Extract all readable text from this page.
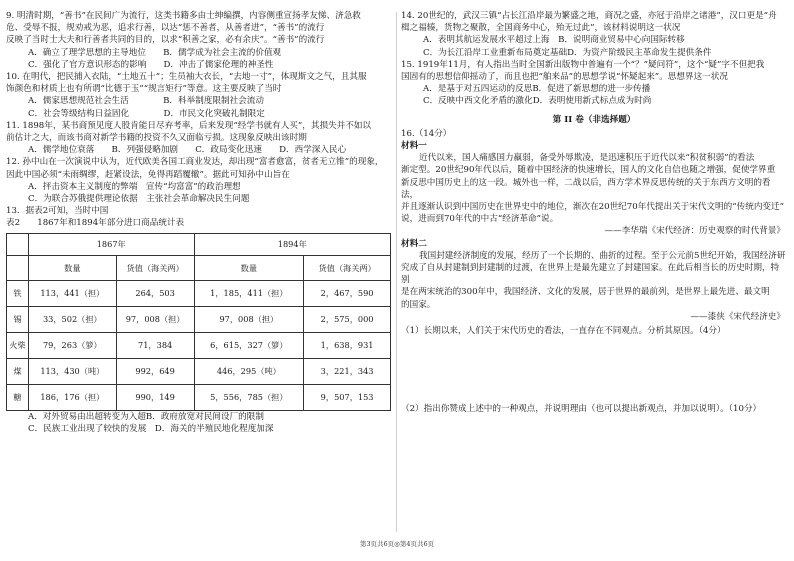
9. 明清时期，“善书”在民间广为流行，这类书籍多由士绅编撰，内容侧重宣扬孝友悌、济急救

危、受辱不报，规劝戒为恶，追求行善，以达“惩不善者，从善者进”，“善书”的流行

反映了当时士大夫和行善者共同的目的，以求“积善之家，必有余庆”。“善书”的流行

A．确立了理学思想的主导地位　　B．儒学成为社会主流的价值观

C．强化了官方意识形态的影响　　D．冲击了儒家伦理的神圣性

10. 在明代，把民捕入衣陆，“土地五十”；生员袖大衣长，“去地一寸”，体现斯文之气，且其服

饰颜色和材质上也有所谓“比德于玉”“规言矩行”等意。这主要反映了当时

A．儒家思想规范社会生活　　　　B．科举制度限制社会流动

C．社会等级结构日益固化　　　　D．市民文化突破礼制限定

11. 1898年，某书商预见度人股肯能日尽弃考率，后来发现“经学书就有人买”，其损失并不如以

前估计之大，而该书商对新学书籍的投资不久又面临亏损。这现象反映出该时期

A．儒学地位衰落　　B．列强侵略加剧　　C．政局变化迅速　　D．西学深入民心

12. 孙中山在一次演说中认为，近代欧美各国工商业发达，却出现“富者愈富，贫者无立锥”的现象，

因此中国必须“未雨绸缪，赶紧设法，免得再蹈覆辙”。据此可知孙中山旨在

A．抨击资本主义制度的弊端　宣传“均富富”的政治理想

C．为联合苏俄提供理论依据　主张社会革命解决民生问题

13．据表2可知，当时中国

表2　　1867年和1894年部分进口商品统计表

	1867年		1894年	
	数量	货值（海关两）	数量	货值（海关两）
铁	113，441（担）	264，503	1，185，411（担）	2，467，590
锡	33，502（担）	97，008（担）	97，008（担）	2，575，000
火柴	79，263（箩）	71，384	6，615，327（箩）	1，638，931
煤	113，430（吨）	992，649	446，295（吨）	3，221，343
糖	186，176（担）	990，149	5，556，785（担）	9，507，153

A．对外贸易由出超转变为入超B．政府放宽对民间设厂的限制

C．民族工业出现了较快的发展　D．海关的半殖民地化程度加深

14. 20世纪的，武汉三镇“占长江沿岸最为繁盛之地，商况之盛，亦冠于沿岸之诸港”，汉口更是“舟

楫之福辏，货物之聚散，全国商务中心，殆无过此”，该材料说明这一状况

A．表明其航运发展水平超过上海　B．说明商业贸易中心向国际转移

C．为长江沿岸工业重新布局奠定基础D．为资产阶级民主革命发生提供条件

15. 1919年11月，有人指出当时全国新出版物中普遍有一个“？”疑问符”，这个“疑”字不但把我

国固有的思想信仰摇动了，而且也把“舶来品”的思想学说“怀疑起来”。思想界这一状况

A．是基于对五四运动的反思B．促进了新思想的进一步传播

C．反映中西文化矛盾的激化D．表明使用新式标点成为时尚

第 II 卷（非选择题）

16.（14分）

材料一

近代以来，国人痛感国力羸弱，备受外辱欺凌，是迅速积压于近代以来“积贫积弱”的看法

渐定型。20世纪90年代以后，随着中国经济的快速增长，国人的文化自信也随之增强，促使学界重

新反思中国历史上的这一段。城外也一样，二战以后，西方学术界反思传统的关于东西方文明的看法，

并且逐渐认识到中国历史在世界史中的地位，渐次在20世纪70年代提出关于宋代文明的“传统内变迁”

说，进而到70年代的中古“经济革命”说。

——李华瑞《宋代经济：历史观察的时代背景》

材料二

我国封建经济制度的发展，经历了一个长期的、曲折的过程。至于公元前5世纪开始，我国经济研

究成了自从封建制到封建制的过渡，在世界上是最先建立了封建国家。在此后相当长的历史时期，特别

是在两宋统治的300年中，我国经济、文化的发展，居于世界的最前列，是世界上最先进、最文明

的国家。

——漆侠《宋代经济史》

（1）长期以来，人们关于宋代历史的看法，一直存在不同观点。分析其原因。（4分）

（2）指出你赞成上述中的一种观点，并说明理由（也可以提出新观点，并加以说明）。（10分）

第3页共6页◎第4页共6页
